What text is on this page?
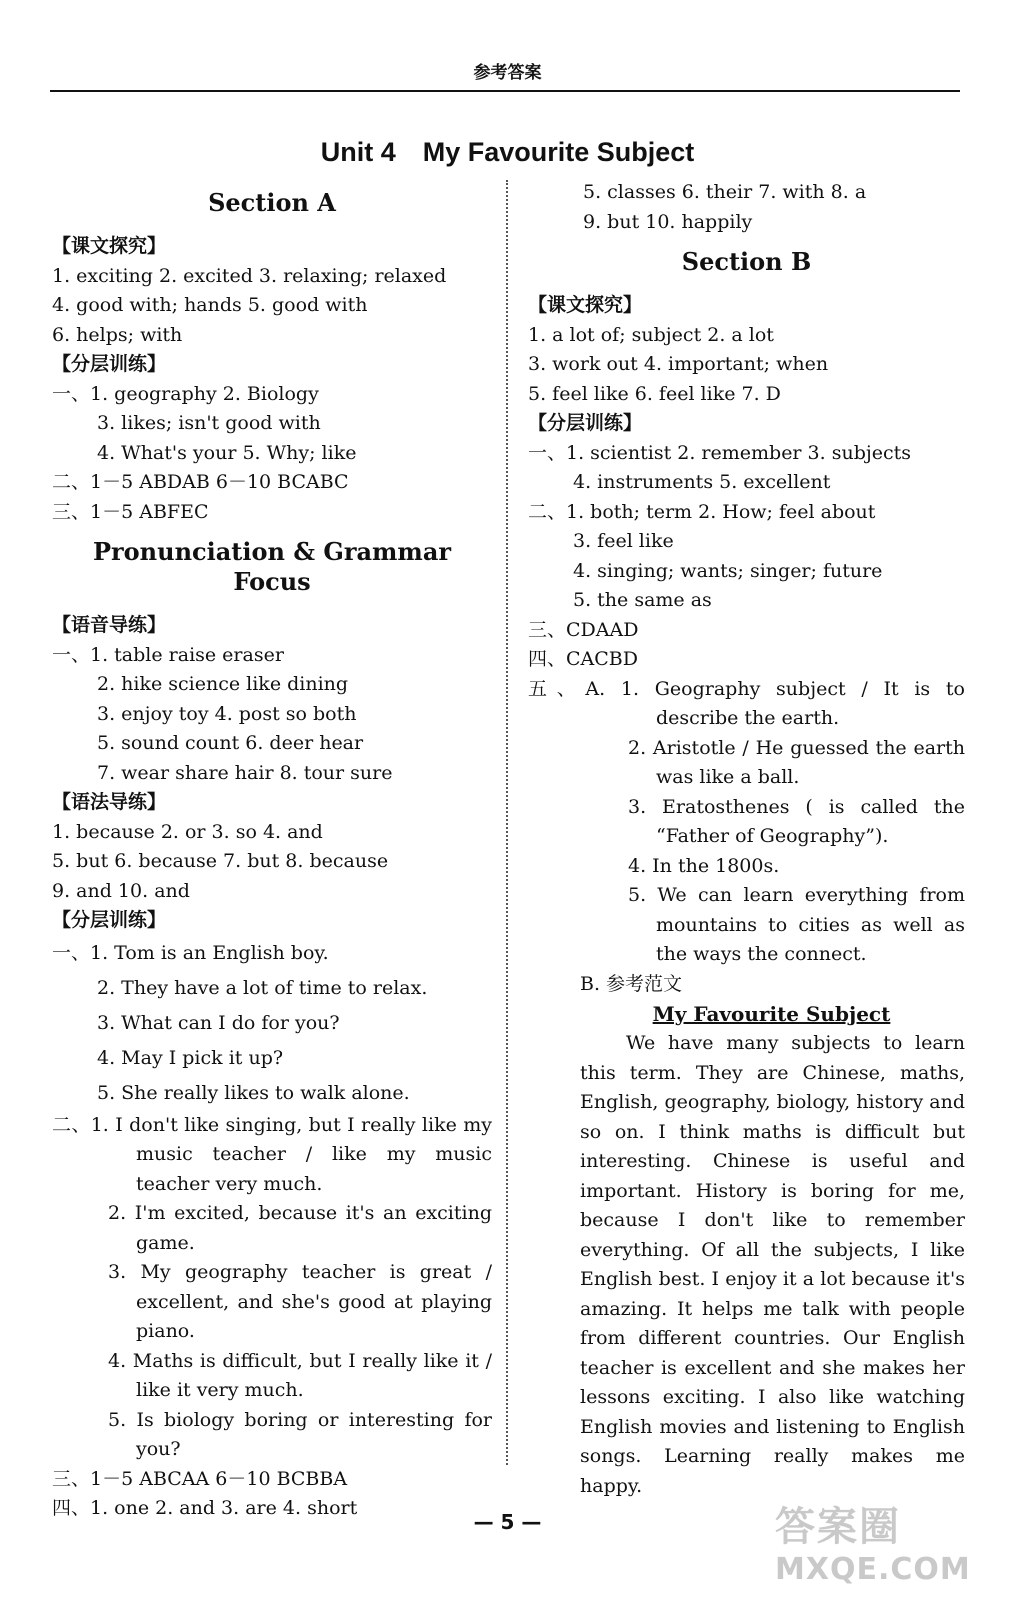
参考答案
Unit 4　My Favourite Subject
Section A
【课文探究】
1. exciting 2. excited 3. relaxing; relaxed
4. good with; hands 5. good with
6. helps; with
【分层训练】
一、1. geography 2. Biology
3. likes; isn't good with
4. What's your 5. Why; like
二、1－5 ABDAB 6－10 BCABC
三、1－5 ABFEC
Pronunciation & Grammar Focus
【语音导练】
一、1. table raise eraser
2. hike science like dining
3. enjoy toy 4. post so both
5. sound count 6. deer hear
7. wear share hair 8. tour sure
【语法导练】
1. because 2. or 3. so 4. and
5. but 6. because 7. but 8. because
9. and 10. and
【分层训练】
一、1. Tom is an English boy.
2. They have a lot of time to relax.
3. What can I do for you?
4. May I pick it up?
5. She really likes to walk alone.
二、1. I don't like singing, but I really like my music teacher / like my music teacher very much.
2. I'm excited, because it's an exciting game.
3. My geography teacher is great / excellent, and she's good at playing piano.
4. Maths is difficult, but I really like it / like it very much.
5. Is biology boring or interesting for you?
三、1－5 ABCAA 6－10 BCBBA
四、1. one 2. and 3. are 4. short
5. classes 6. their 7. with 8. a
9. but 10. happily
Section B
【课文探究】
1. a lot of; subject 2. a lot
3. work out 4. important; when
5. feel like 6. feel like 7. D
【分层训练】
一、1. scientist 2. remember 3. subjects
4. instruments 5. excellent
二、1. both; term 2. How; feel about
3. feel like
4. singing; wants; singer; future
5. the same as
三、CDAAD
四、CACBD
五、A. 1. Geography subject / It is to describe the earth.
2. Aristotle / He guessed the earth was like a ball.
3. Eratosthenes ( is called the “Father of Geography”).
4. In the 1800s.
5. We can learn everything from mountains to cities as well as the ways the connect.
B. 参考范文
My Favourite Subject
We have many subjects to learn this term. They are Chinese, maths, English, geography, biology, history and so on. I think maths is difficult but interesting. Chinese is useful and important. History is boring for me, because I don't like to remember everything. Of all the subjects, I like English best. I enjoy it a lot because it's amazing. It helps me talk with people from different countries. Our English teacher is excellent and she makes her lessons exciting. I also like watching English movies and listening to English songs. Learning really makes me happy.
— 5 —	答案圈
MXQE.COM
